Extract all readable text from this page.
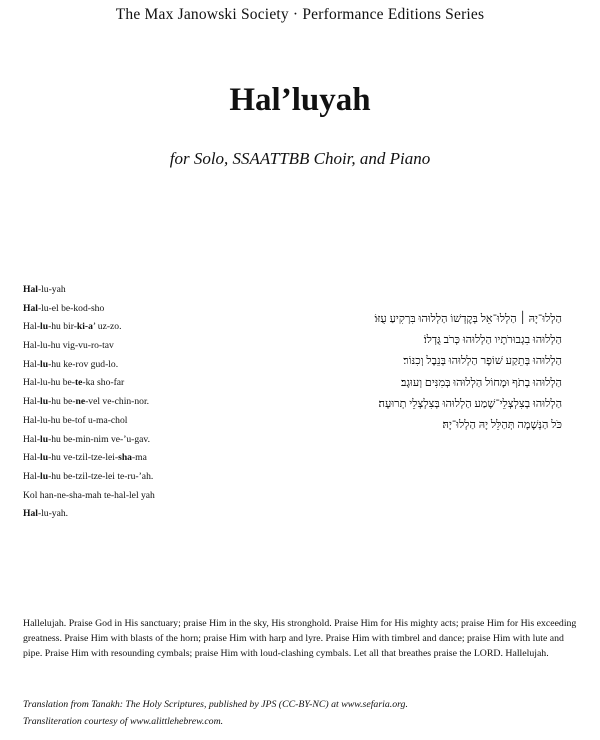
The Max Janowski Society · Performance Editions Series
Hal’luyah
for Solo, SSAATTBB Choir, and Piano
Hal-lu-yah
Hal-lu-el be-kod-sho
Hal-lu-hu bir-ki-a’ uz-zo.
Hal-lu-hu vig-vu-ro-tav
Hal-lu-hu ke-rov gud-lo.
Hal-lu-hu be-te-ka sho-far
Hal-lu-hu be-ne-vel ve-chin-nor.
Hal-lu-hu be-tof u-ma-chol
Hal-lu-hu be-min-nim ve-’u-gav.
Hal-lu-hu ve-tzil-tze-lei-sha-ma
Hal-lu-hu be-tzil-tze-lei te-ru-’ah.
Kol han-ne-sha-mah te-hal-lel yah
Hal-lu-yah.
הַלְלוּ־יָהּ ׀ הַלְלוּ־אֵל בְּקׇדְשׁוֹ הַלְלוּהוּ בִּרְקִיעַ עֻזּוֹ׃
הַלְלוּהוּ בִגְבוּרֹתָיו הַלְלוּהוּ כְּרֹב גֻּדְלוֹ׃
הַלְלוּהוּ בְּתֵקַע שׁוֹפָר הַלְלוּהוּ בְּנֵבֶל וְכִנּוֹר׃
הַלְלוּהוּ בְתֹף וּמָחוֹל הַלְלוּהוּ בְּמִנִּים וְעוּגָב׃
הַלְלוּהוּ בְצִלְצְלֵי־שָׁמַע הַלְלוּהוּ בְּצִלְצְלֵי תְרוּעָה׃
כֹּל הַנְּשָׁמָה תְּהַלֵּל יָהּ הַלְלוּ־יָהּ׃
Hallelujah. Praise God in His sanctuary; praise Him in the sky, His stronghold. Praise Him for His mighty acts; praise Him for His exceeding greatness. Praise Him with blasts of the horn; praise Him with harp and lyre. Praise Him with timbrel and dance; praise Him with lute and pipe. Praise Him with resounding cymbals; praise Him with loud-clashing cymbals. Let all that breathes praise the LORD. Hallelujah.
Translation from Tanakh: The Holy Scriptures, published by JPS (CC-BY-NC) at www.sefaria.org.
Transliteration courtesy of www.alittlehebrew.com.
